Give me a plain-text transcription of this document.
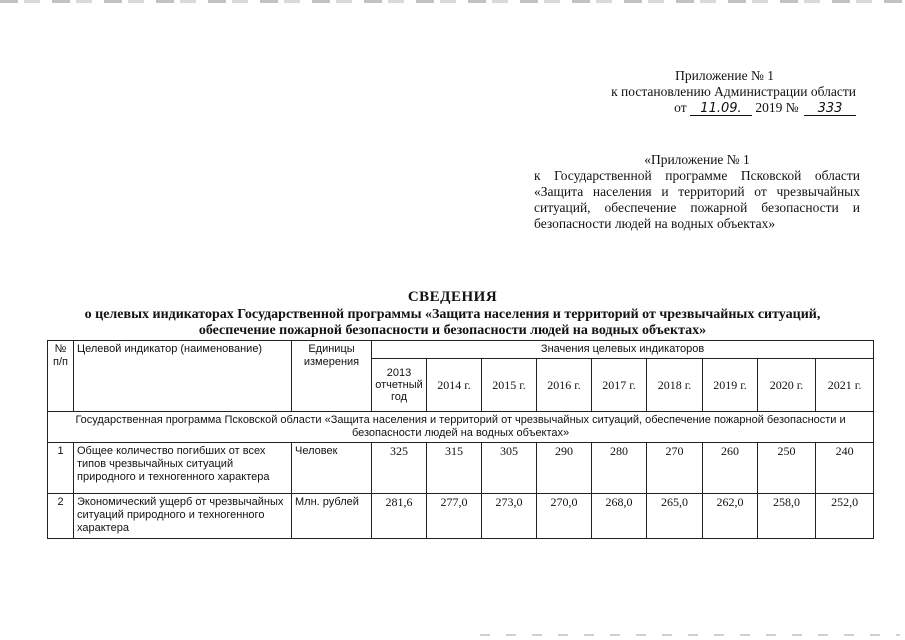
Приложение № 1
к постановлению Администрации области
от 11.09. 2019 № 333
«Приложение № 1
к Государственной программе Псковской области «Защита населения и территорий от чрезвычайных ситуаций, обеспечение пожарной безопасности и безопасности людей на водных объектах»
СВЕДЕНИЯ
о целевых индикаторах Государственной программы «Защита населения и территорий от чрезвычайных ситуаций,
обеспечение пожарной безопасности и безопасности людей на водных объектах»
№ п/п	Целевой индикатор (наименование)	Единицы измерения	Значения целевых индикаторов								
			2013 отчетный год	2014 г.	2015 г.	2016 г.	2017 г.	2018 г.	2019 г.	2020 г.	2021 г.
Государственная программа Псковской области «Защита населения и территорий от чрезвычайных ситуаций, обеспечение пожарной безопасности и безопасности людей на водных объектах»											
1	Общее количество погибших от всех типов чрезвычайных ситуаций природного и техногенного характера	Человек	325	315	305	290	280	270	260	250	240
2	Экономический ущерб от чрезвычайных ситуаций природного и техногенного характера	Млн. рублей	281,6	277,0	273,0	270,0	268,0	265,0	262,0	258,0	252,0
